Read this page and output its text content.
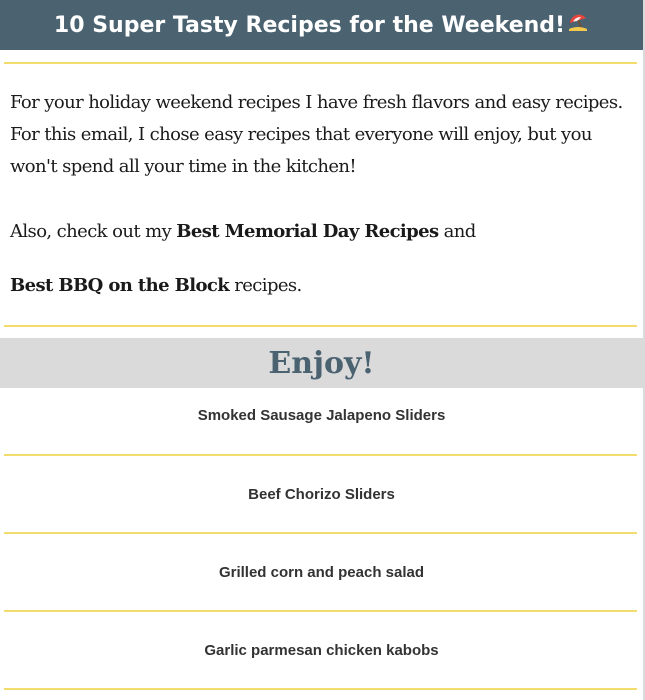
10 Super Tasty Recipes for the Weekend!

For your holiday weekend recipes I have fresh flavors and easy recipes. For this email, I chose easy recipes that everyone will enjoy, but you won't spend all your time in the kitchen!

Also, check out my Best Memorial Day Recipes and

Best BBQ on the Block recipes.

Enjoy!
Smoked Sausage Jalapeno Sliders
Beef Chorizo Sliders
Grilled corn and peach salad
Garlic parmesan chicken kabobs
